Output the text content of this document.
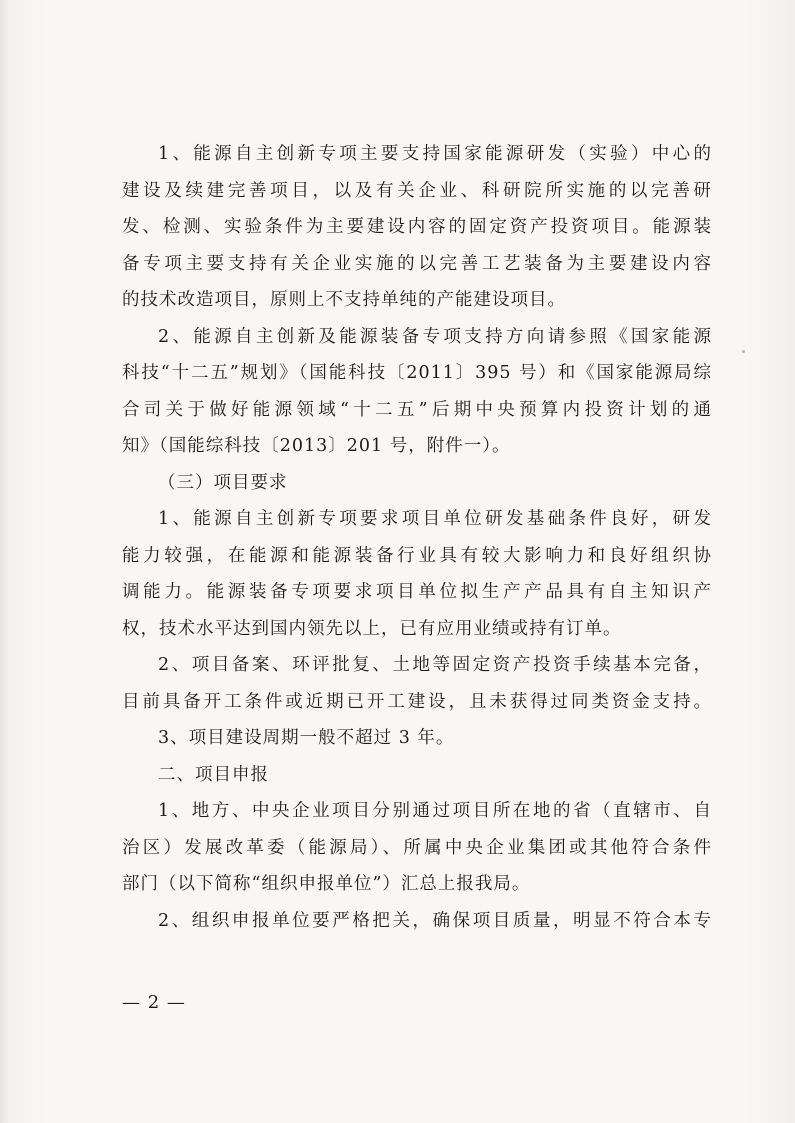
1、能源自主创新专项主要支持国家能源研发（实验）中心的
建设及续建完善项目，以及有关企业、科研院所实施的以完善研
发、检测、实验条件为主要建设内容的固定资产投资项目。能源装
备专项主要支持有关企业实施的以完善工艺装备为主要建设内容
的技术改造项目，原则上不支持单纯的产能建设项目。
2、能源自主创新及能源装备专项支持方向请参照《国家能源
科技“十二五”规划》（国能科技〔2011〕395 号）和《国家能源局综
合司关于做好能源领域“十二五”后期中央预算内投资计划的通
知》（国能综科技〔2013〕201 号，附件一）。
（三）项目要求
1、能源自主创新专项要求项目单位研发基础条件良好，研发
能力较强，在能源和能源装备行业具有较大影响力和良好组织协
调能力。能源装备专项要求项目单位拟生产产品具有自主知识产
权，技术水平达到国内领先以上，已有应用业绩或持有订单。
2、项目备案、环评批复、土地等固定资产投资手续基本完备，
目前具备开工条件或近期已开工建设，且未获得过同类资金支持。
3、项目建设周期一般不超过 3 年。
二、项目申报
1、地方、中央企业项目分别通过项目所在地的省（直辖市、自
治区）发展改革委（能源局）、所属中央企业集团或其他符合条件
部门（以下简称“组织申报单位”）汇总上报我局。
2、组织申报单位要严格把关，确保项目质量，明显不符合本专
— 2 —
